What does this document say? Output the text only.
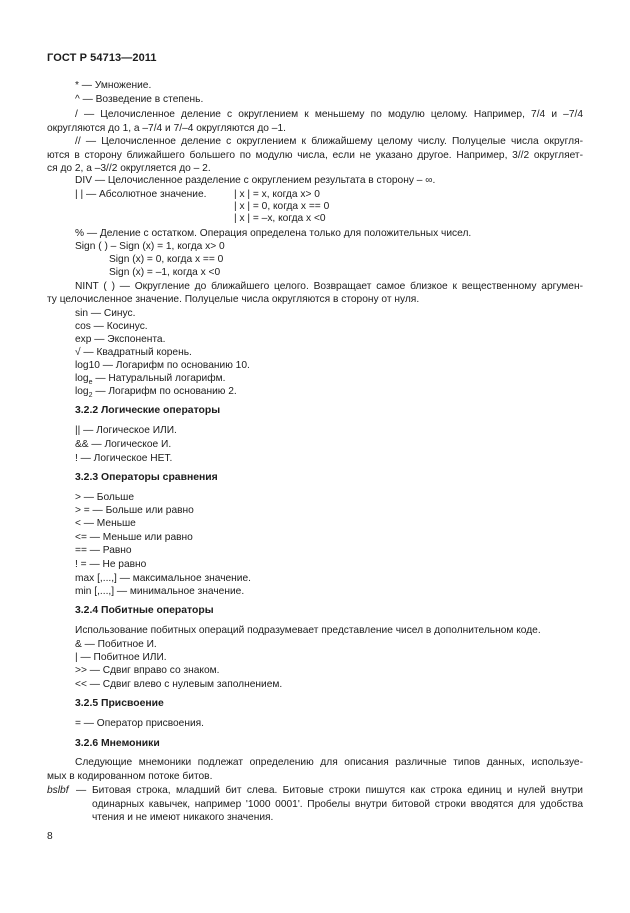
ГОСТ Р 54713—2011
* — Умножение.
^ — Возведение в степень.
/ — Целочисленное деление с округлением к меньшему по модулю целому. Например, 7/4 и –7/4
округляются до 1, а –7/4 и 7/–4 округляются до –1.
// — Целочисленное деление с округлением к ближайшему целому числу. Полуцелые числа округля-
ются в сторону ближайшего большего по модулю числа, если не указано другое. Например, 3//2 округляет-
ся до 2, а –3//2 округляется до – 2.
DIV — Целочисленное разделение с округлением результата в сторону – ∞.
| | — Абсолютное значение.	| x | = x, когда x> 0
| x | = 0, когда x == 0
| x | = –x, когда x <0
% — Деление с остатком. Операция определена только для положительных чисел.
Sign ( ) – Sign (x) = 1, когда x> 0
Sign (x) = 0, когда x == 0
Sign (x) = –1, когда x <0
NINT ( ) — Округление до ближайшего целого. Возвращает самое близкое к вещественному аргумен-
ту целочисленное значение. Полуцелые числа округляются в сторону от нуля.
sin — Синус.
cos — Косинус.
exp — Экспонента.
√ — Квадратный корень.
log10 — Логарифм по основанию 10.
$\log_e$ — Натуральный логарифм.
$\log_2$ — Логарифм по основанию 2.
3.2.2 Логические операторы
|| — Логическое ИЛИ.
&& — Логическое И.
! — Логическое НЕТ.
3.2.3 Операторы сравнения
> — Больше
> = — Больше или равно
< — Меньше
<= — Меньше или равно
== — Равно
! = — Не равно
max [,...,] — максимальное значение.
min [,...,] — минимальное значение.
3.2.4 Побитные операторы
Использование побитных операций подразумевает представление чисел в дополнительном коде.
& — Побитное И.
| — Побитное ИЛИ.
>> — Сдвиг вправо со знаком.
<< — Сдвиг влево с нулевым заполнением.
3.2.5 Присвоение
= — Оператор присвоения.
3.2.6 Мнемоники
Следующие мнемоники подлежат определению для описания различные типов данных, используе-
мых в кодированном потоке битов.
bslbf — Битовая строка, младший бит слева. Битовые строки пишутся как строка единиц и нулей внутри
одинарных кавычек, например '1000 0001'. Пробелы внутри битовой строки вводятся для удобства
чтения и не имеют никакого значения.
8
